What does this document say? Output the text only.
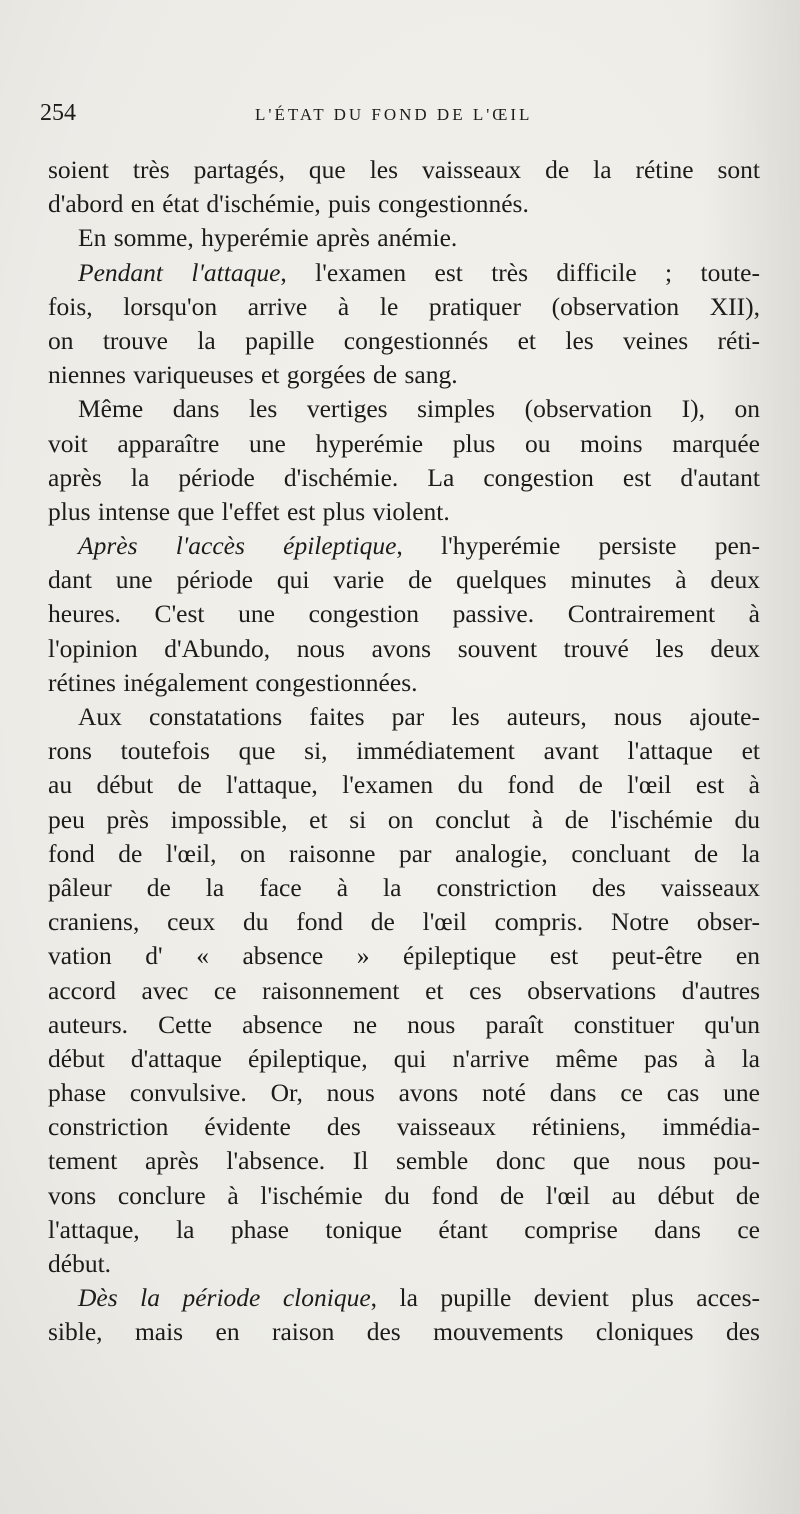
254	L'ÉTAT DU FOND DE L'ŒIL
soient très partagés, que les vaisseaux de la rétine sont
d'abord en état d'ischémie, puis congestionnés.
En somme, hyperémie après anémie.
Pendant l'attaque, l'examen est très difficile ; toute-
fois, lorsqu'on arrive à le pratiquer (observation XII),
on trouve la papille congestionnés et les veines réti-
niennes variqueuses et gorgées de sang.
Même dans les vertiges simples (observation I), on
voit apparaître une hyperémie plus ou moins marquée
après la période d'ischémie. La congestion est d'autant
plus intense que l'effet est plus violent.
Après l'accès épileptique, l'hyperémie persiste pen-
dant une période qui varie de quelques minutes à deux
heures. C'est une congestion passive. Contrairement à
l'opinion d'Abundo, nous avons souvent trouvé les deux
rétines inégalement congestionnées.
Aux constatations faites par les auteurs, nous ajoute-
rons toutefois que si, immédiatement avant l'attaque et
au début de l'attaque, l'examen du fond de l'œil est à
peu près impossible, et si on conclut à de l'ischémie du
fond de l'œil, on raisonne par analogie, concluant de la
pâleur de la face à la constriction des vaisseaux
craniens, ceux du fond de l'œil compris. Notre obser-
vation d' « absence » épileptique est peut-être en
accord avec ce raisonnement et ces observations d'autres
auteurs. Cette absence ne nous paraît constituer qu'un
début d'attaque épileptique, qui n'arrive même pas à la
phase convulsive. Or, nous avons noté dans ce cas une
constriction évidente des vaisseaux rétiniens, immédia-
tement après l'absence. Il semble donc que nous pou-
vons conclure à l'ischémie du fond de l'œil au début de
l'attaque, la phase tonique étant comprise dans ce
début.
Dès la période clonique, la pupille devient plus acces-
sible, mais en raison des mouvements cloniques des
